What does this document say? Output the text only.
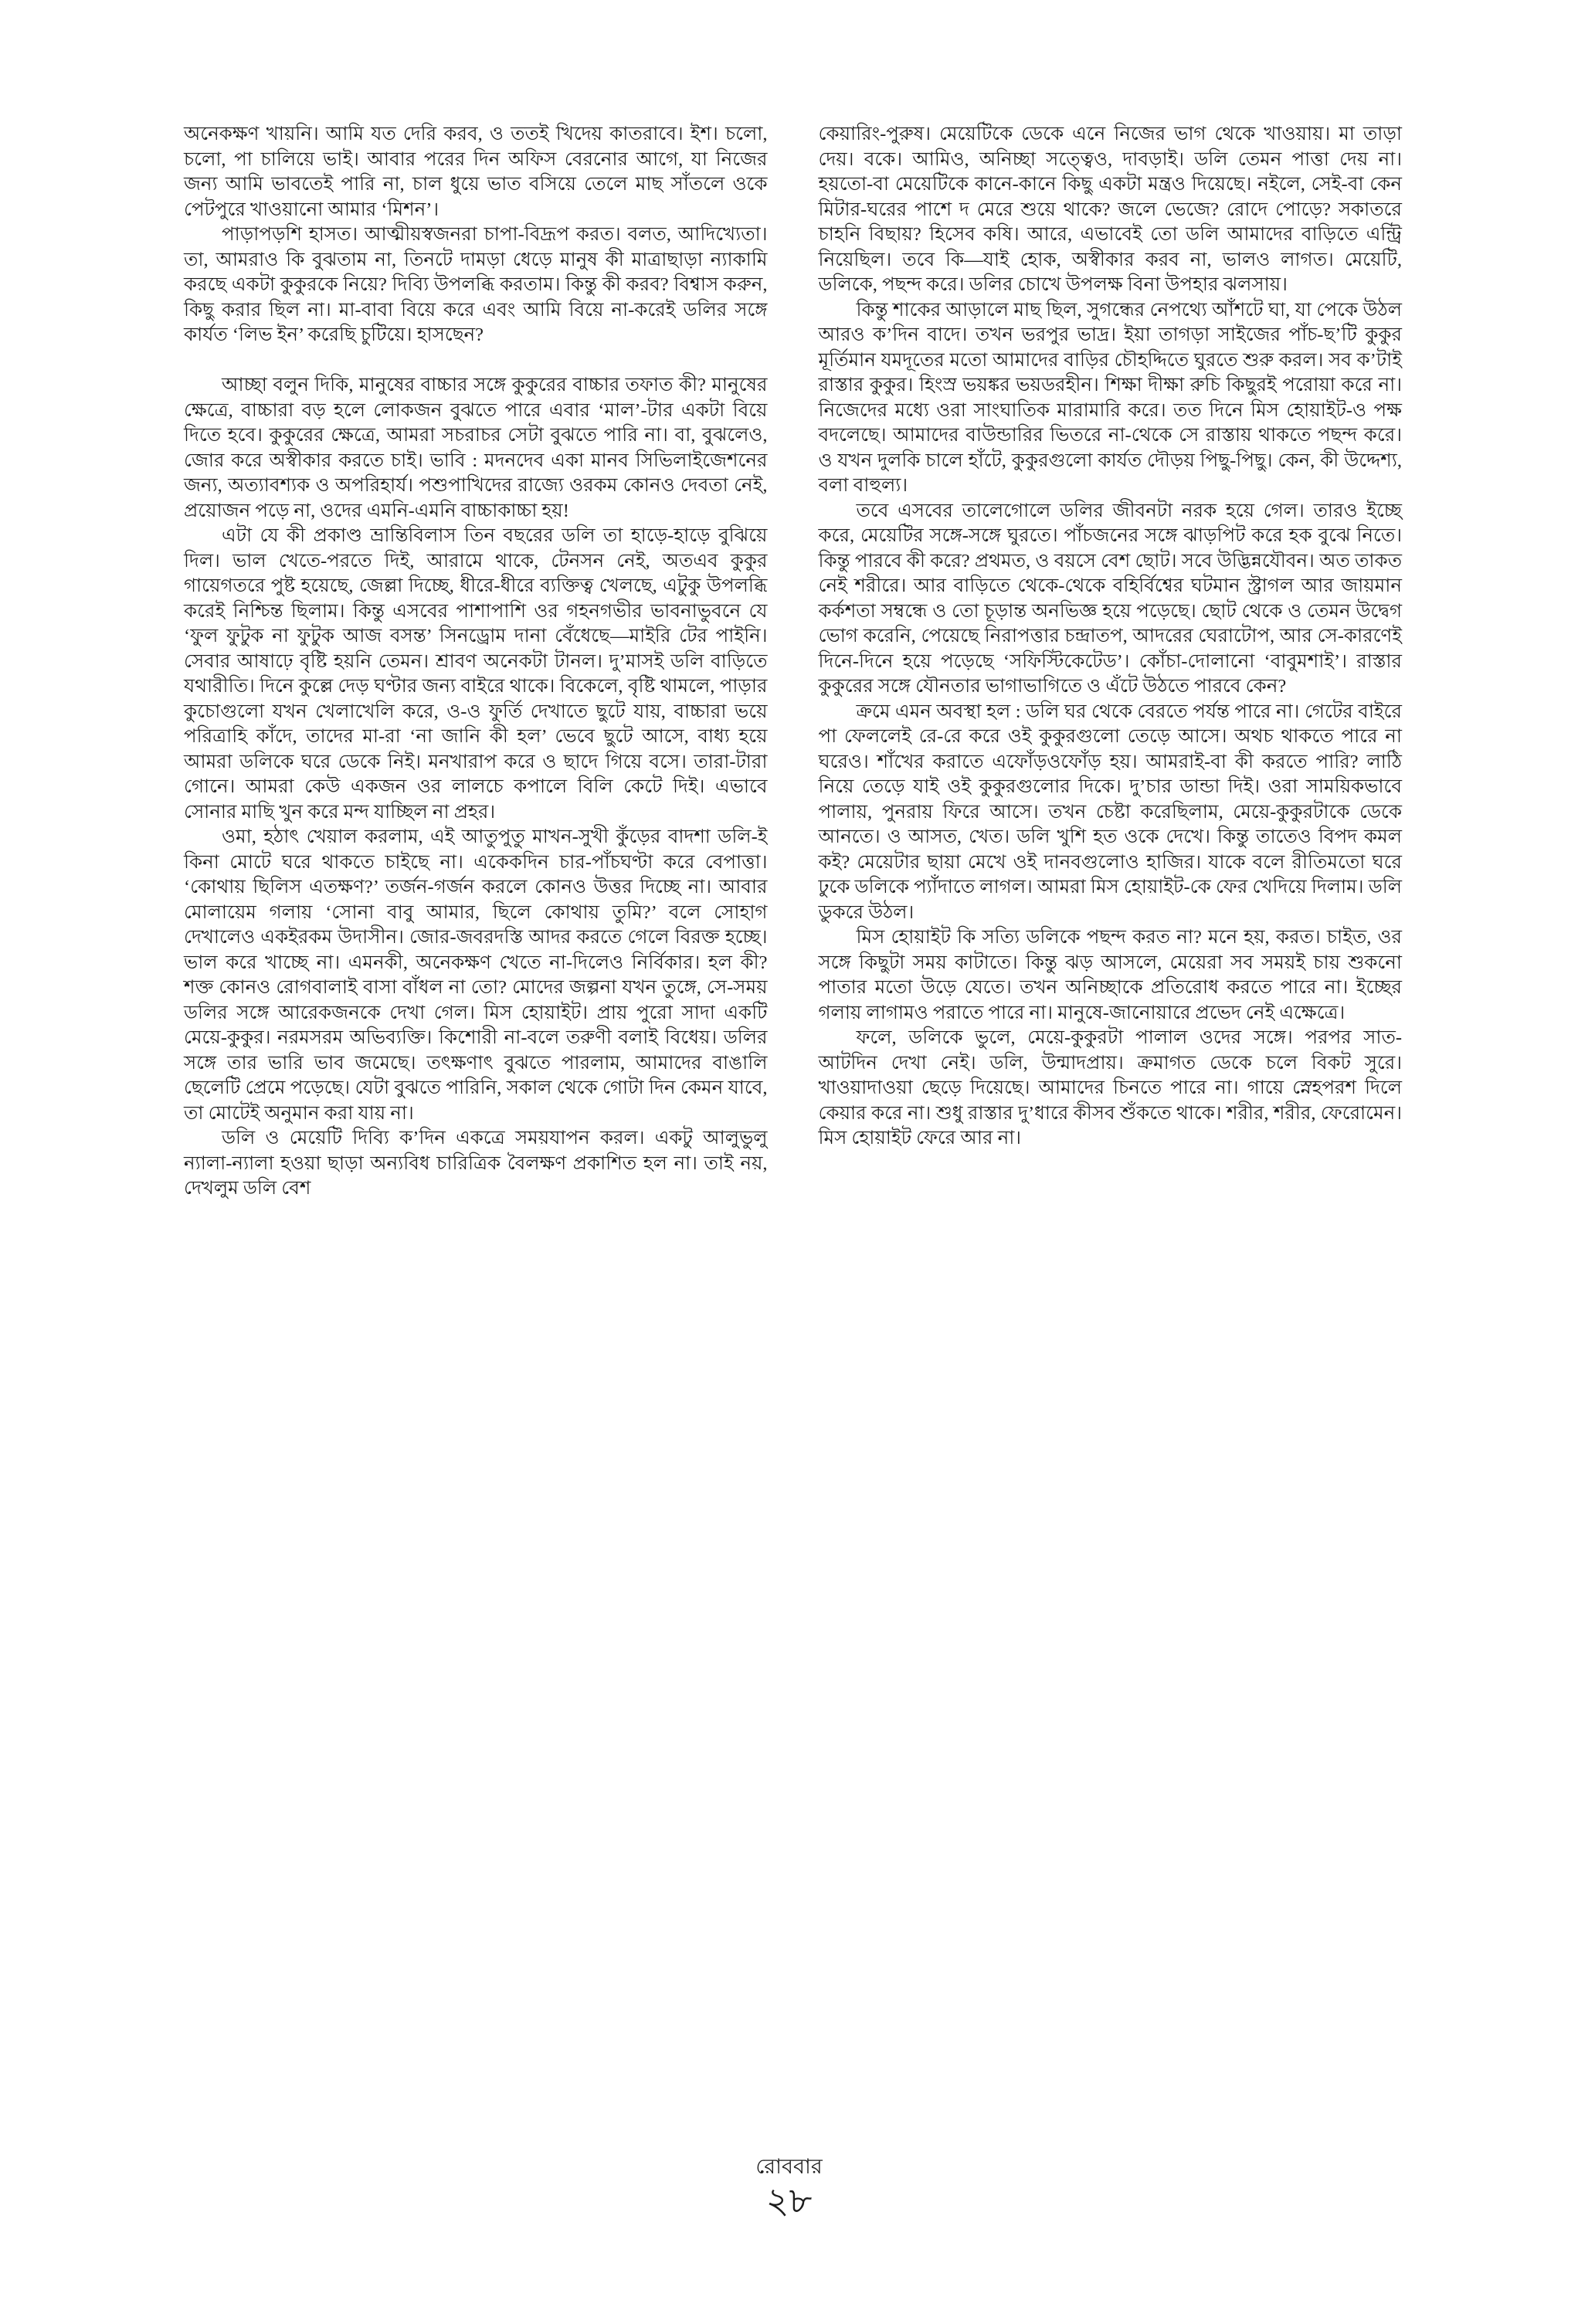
অনেকক্ষণ খায়নি। আমি যত দেরি করব, ও ততই খিদেয় কাতরাবে। ইশ। চলো, চলো, পা চালিয়ে ভাই। আবার পরের দিন অফিস বেরনোর আগে, যা নিজের জন্য আমি ভাবতেই পারি না, চাল ধুয়ে ভাত বসিয়ে তেলে মাছ সাঁতলে ওকে পেটপুরে খাওয়ানো আমার ‘মিশন’।

পাড়াপড়শি হাসত। আত্মীয়স্বজনরা চাপা-বিদ্রূপ করত। বলত, আদিখ্যেতা। তা, আমরাও কি বুঝতাম না, তিনটে দামড়া ধেড়ে মানুষ কী মাত্রাছাড়া ন্যাকামি করছে একটা কুকুরকে নিয়ে? দিব্যি উপলব্ধি করতাম। কিন্তু কী করব? বিশ্বাস করুন, কিছু করার ছিল না। মা-বাবা বিয়ে করে এবং আমি বিয়ে না-করেই ডলির সঙ্গে কার্যত ‘লিভ ইন’ করেছি চুটিয়ে। হাসছেন?

আচ্ছা বলুন দিকি, মানুষের বাচ্চার সঙ্গে কুকুরের বাচ্চার তফাত কী? মানুষের ক্ষেত্রে, বাচ্চারা বড় হলে লোকজন বুঝতে পারে এবার ‘মাল’-টার একটা বিয়ে দিতে হবে। কুকুরের ক্ষেত্রে, আমরা সচরাচর সেটা বুঝতে পারি না। বা, বুঝলেও, জোর করে অস্বীকার করতে চাই। ভাবি : মদনদেব একা মানব সিভিলাইজেশনের জন্য, অত্যাবশ্যক ও অপরিহার্য। পশুপাখিদের রাজ্যে ওরকম কোনও দেবতা নেই, প্রয়োজন পড়ে না, ওদের এমনি-এমনি বাচ্চাকাচ্চা হয়!

এটা যে কী প্রকাণ্ড ভ্রান্তিবিলাস তিন বছরের ডলি তা হাড়ে-হাড়ে বুঝিয়ে দিল। ভাল খেতে-পরতে দিই, আরামে থাকে, টেনসন নেই, অতএব কুকুর গায়েগতরে পুষ্ট হয়েছে, জেল্লা দিচ্ছে, ধীরে-ধীরে ব্যক্তিত্ব খেলছে, এটুকু উপলব্ধি করেই নিশ্চিন্ত ছিলাম। কিন্তু এসবের পাশাপাশি ওর গহনগভীর ভাবনাভুবনে যে ‘ফুল ফুটুক না ফুটুক আজ বসন্ত’ সিনড্রোম দানা বেঁধেছে—মাইরি টের পাইনি। সেবার আষাঢ়ে বৃষ্টি হয়নি তেমন। শ্রাবণ অনেকটা টানল। দু’মাসই ডলি বাড়িতে যথারীতি। দিনে কুল্লে দেড় ঘণ্টার জন্য বাইরে থাকে। বিকেলে, বৃষ্টি থামলে, পাড়ার কুচোগুলো যখন খেলাখেলি করে, ও-ও ফুর্তি দেখাতে ছুটে যায়, বাচ্চারা ভয়ে পরিত্রাহি কাঁদে, তাদের মা-রা ‘না জানি কী হল’ ভেবে ছুটে আসে, বাধ্য হয়ে আমরা ডলিকে ঘরে ডেকে নিই। মনখারাপ করে ও ছাদে গিয়ে বসে। তারা-টারা গোনে। আমরা কেউ একজন ওর লালচে কপালে বিলি কেটে দিই। এভাবে সোনার মাছি খুন করে মন্দ যাচ্ছিল না প্রহর।

ওমা, হঠাৎ খেয়াল করলাম, এই আতুপুতু মাখন-সুখী কুঁড়ের বাদশা ডলি-ই কিনা মোটে ঘরে থাকতে চাইছে না। একেকদিন চার-পাঁচঘণ্টা করে বেপাত্তা। ‘কোথায় ছিলিস এতক্ষণ?’ তর্জন-গর্জন করলে কোনও উত্তর দিচ্ছে না। আবার মোলায়েম গলায় ‘সোনা বাবু আমার, ছিলে কোথায় তুমি?’ বলে সোহাগ দেখালেও একইরকম উদাসীন। জোর-জবরদস্তি আদর করতে গেলে বিরক্ত হচ্ছে। ভাল করে খাচ্ছে না। এমনকী, অনেকক্ষণ খেতে না-দিলেও নির্বিকার। হল কী? শক্ত কোনও রোগবালাই বাসা বাঁধল না তো? মোদের জল্পনা যখন তুঙ্গে, সে-সময় ডলির সঙ্গে আরেকজনকে দেখা গেল। মিস হোয়াইট। প্রায় পুরো সাদা একটি মেয়ে-কুকুর। নরমসরম অভিব্যক্তি। কিশোরী না-বলে তরুণী বলাই বিধেয়। ডলির সঙ্গে তার ভারি ভাব জমেছে। তৎক্ষণাৎ বুঝতে পারলাম, আমাদের বাঙালি ছেলেটি প্রেমে পড়েছে। যেটা বুঝতে পারিনি, সকাল থেকে গোটা দিন কেমন যাবে, তা মোটেই অনুমান করা যায় না।

ডলি ও মেয়েটি দিব্যি ক’দিন একত্রে সময়যাপন করল। একটু আলুভুলু ন্যালা-ন্যালা হওয়া ছাড়া অন্যবিধ চারিত্রিক বৈলক্ষণ প্রকাশিত হল না। তাই নয়, দেখলুম ডলি বেশ

কেয়ারিং-পুরুষ। মেয়েটিকে ডেকে এনে নিজের ভাগ থেকে খাওয়ায়। মা তাড়া দেয়। বকে। আমিও, অনিচ্ছা সত্ত্বেও, দাবড়াই। ডলি তেমন পাত্তা দেয় না। হয়তো-বা মেয়েটিকে কানে-কানে কিছু একটা মন্ত্রও দিয়েছে। নইলে, সেই-বা কেন মিটার-ঘরের পাশে দ মেরে শুয়ে থাকে? জলে ভেজে? রোদে পোড়ে? সকাতরে চাহনি বিছায়? হিসেব কষি। আরে, এভাবেই তো ডলি আমাদের বাড়িতে এন্ট্রি নিয়েছিল। তবে কি—যাই হোক, অস্বীকার করব না, ভালও লাগত। মেয়েটি, ডলিকে, পছন্দ করে। ডলির চোখে উপলক্ষ বিনা উপহার ঝলসায়।

কিন্তু শাকের আড়ালে মাছ ছিল, সুগন্ধের নেপথ্যে আঁশটে ঘা, যা পেকে উঠল আরও ক’দিন বাদে। তখন ভরপুর ভাদ্র। ইয়া তাগড়া সাইজের পাঁচ-ছ’টি কুকুর মূর্তিমান যমদূতের মতো আমাদের বাড়ির চৌহদ্দিতে ঘুরতে শুরু করল। সব ক’টাই রাস্তার কুকুর। হিংস্র ভয়ঙ্কর ভয়ডরহীন। শিক্ষা দীক্ষা রুচি কিছুরই পরোয়া করে না। নিজেদের মধ্যে ওরা সাংঘাতিক মারামারি করে। তত দিনে মিস হোয়াইট-ও পক্ষ বদলেছে। আমাদের বাউন্ডারির ভিতরে না-থেকে সে রাস্তায় থাকতে পছন্দ করে। ও যখন দুলকি চালে হাঁটে, কুকুরগুলো কার্যত দৌড়য় পিছু-পিছু। কেন, কী উদ্দেশ্য, বলা বাহুল্য।

তবে এসবের তালেগোলে ডলির জীবনটা নরক হয়ে গেল। তারও ইচ্ছে করে, মেয়েটির সঙ্গে-সঙ্গে ঘুরতে। পাঁচজনের সঙ্গে ঝাড়পিট করে হক বুঝে নিতে। কিন্তু পারবে কী করে? প্রথমত, ও বয়সে বেশ ছোট। সবে উদ্ভিন্নযৌবন। অত তাকত নেই শরীরে। আর বাড়িতে থেকে-থেকে বহির্বিশ্বের ঘটমান স্ট্রাগল আর জায়মান কর্কশতা সম্বন্ধে ও তো চূড়ান্ত অনভিজ্ঞ হয়ে পড়েছে। ছোট থেকে ও তেমন উদ্বেগ ভোগ করেনি, পেয়েছে নিরাপত্তার চন্দ্রাতপ, আদরের ঘেরাটোপ, আর সে-কারণেই দিনে-দিনে হয়ে পড়েছে ‘সফিস্টিকেটেড’। কোঁচা-দোলানো ‘বাবুমশাই’। রাস্তার কুকুরের সঙ্গে যৌনতার ভাগাভাগিতে ও এঁটে উঠতে পারবে কেন?

ক্রমে এমন অবস্থা হল : ডলি ঘর থেকে বেরতে পর্যন্ত পারে না। গেটের বাইরে পা ফেললেই রে-রে করে ওই কুকুরগুলো তেড়ে আসে। অথচ থাকতে পারে না ঘরেও। শাঁখের করাতে এফোঁড়ওফোঁড় হয়। আমরাই-বা কী করতে পারি? লাঠি নিয়ে তেড়ে যাই ওই কুকুরগুলোর দিকে। দু’চার ডান্ডা দিই। ওরা সাময়িকভাবে পালায়, পুনরায় ফিরে আসে। তখন চেষ্টা করেছিলাম, মেয়ে-কুকুরটাকে ডেকে আনতে। ও আসত, খেত। ডলি খুশি হত ওকে দেখে। কিন্তু তাতেও বিপদ কমল কই? মেয়েটার ছায়া মেখে ওই দানবগুলোও হাজির। যাকে বলে রীতিমতো ঘরে ঢুকে ডলিকে প্যাঁদাতে লাগল। আমরা মিস হোয়াইট-কে ফের খেদিয়ে দিলাম। ডলি ডুকরে উঠল।

মিস হোয়াইট কি সত্যি ডলিকে পছন্দ করত না? মনে হয়, করত। চাইত, ওর সঙ্গে কিছুটা সময় কাটাতে। কিন্তু ঝড় আসলে, মেয়েরা সব সময়ই চায় শুকনো পাতার মতো উড়ে যেতে। তখন অনিচ্ছাকে প্রতিরোধ করতে পারে না। ইচ্ছের গলায় লাগামও পরাতে পারে না। মানুষে-জানোয়ারে প্রভেদ নেই এক্ষেত্রে।

ফলে, ডলিকে ভুলে, মেয়ে-কুকুরটা পালাল ওদের সঙ্গে। পরপর সাত-আটদিন দেখা নেই। ডলি, উন্মাদপ্রায়। ক্রমাগত ডেকে চলে বিকট সুরে। খাওয়াদাওয়া ছেড়ে দিয়েছে। আমাদের চিনতে পারে না। গায়ে স্নেহপরশ দিলে কেয়ার করে না। শুধু রাস্তার দু’ধারে কীসব শুঁকতে থাকে। শরীর, শরীর, ফেরোমেন। মিস হোয়াইট ফেরে আর না।

রোববার
২৮
